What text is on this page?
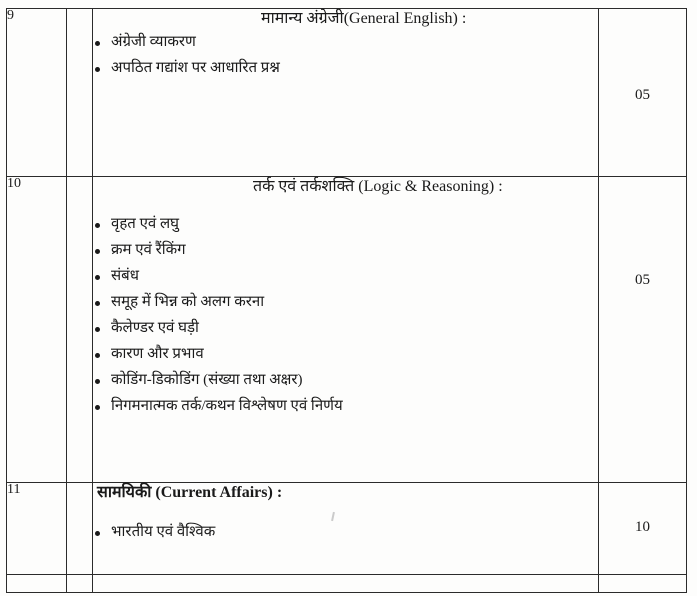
9		मामान्य अंग्रेजी(General English) :

अंग्रेजी व्याकरण
अपठित गद्यांश पर आधारित प्रश्न
	05
10		तर्क एवं तर्कशक्ति (Logic & Reasoning) :

वृहत एवं लघु
क्रम एवं रैंकिंग
संबंध
समूह में भिन्न को अलग करना
कैलेण्डर एवं घड़ी
कारण और प्रभाव
कोडिंग-डिकोडिंग (संख्या तथा अक्षर)
निगमनात्मक तर्क/कथन विश्लेषण एवं निर्णय
	05
11		सामयिकी (Current Affairs) :

भारतीय एवं वैश्विक	10
